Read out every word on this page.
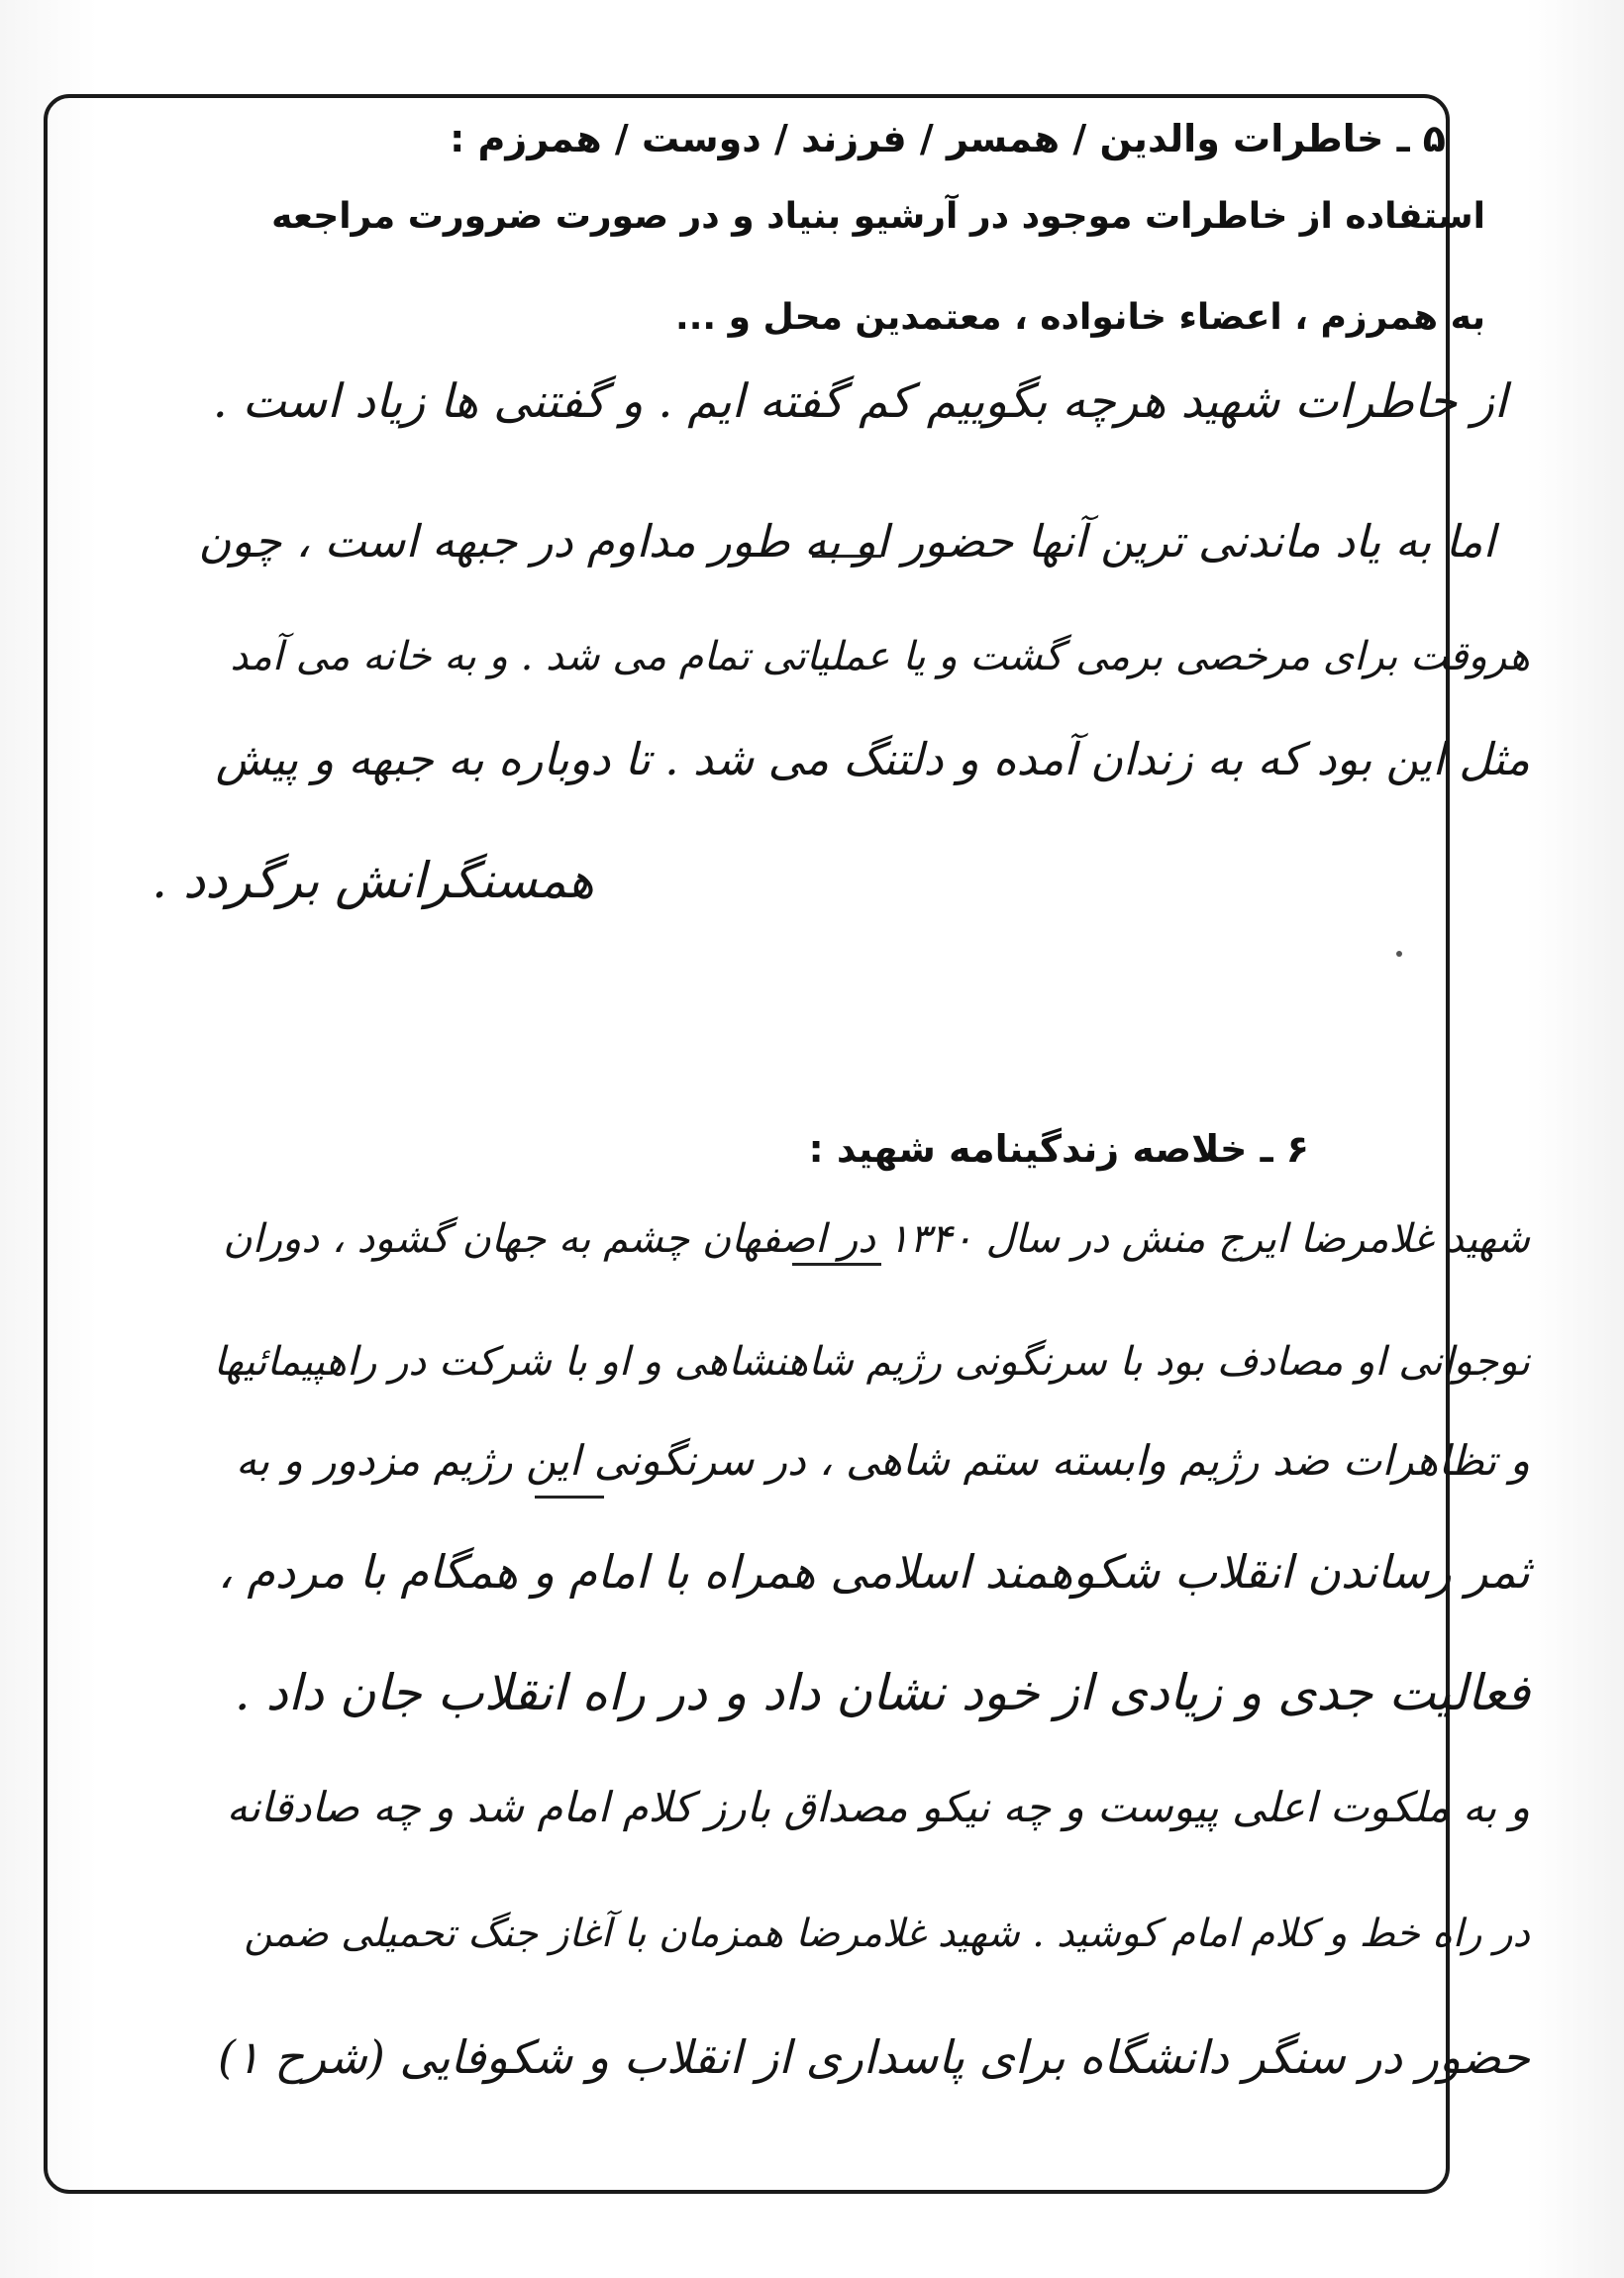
۵ ـ خاطرات والدین / همسر / فرزند / دوست / همرزم :
استفاده از خاطرات موجود در آرشیو بنیاد و در صورت ضرورت مراجعه
به همرزم ، اعضاء خانواده ، معتمدین محل و ...
از خاطرات شهید هرچه بگوییم کم گفته ایم . و گفتنی ها زیاد است .
اما به یاد ماندنی ترین آنها حضور او به طور مداوم در جبهه است ، چون
هروقت برای مرخصی برمی گشت و یا عملیاتی تمام می شد . و به خانه می آمد
مثل این بود که به زندان آمده و دلتنگ می شد . تا دوباره به جبهه و پیش
همسنگرانش برگردد .
۶ ـ خلاصه زندگینامه شهید :
شهید غلامرضا ایرج منش در سال ۱۳۴۰ در اصفهان چشم به جهان گشود ، دوران
نوجوانی او مصادف بود با سرنگونی رژیم شاهنشاهی و او با شرکت در راهپیمائیها
و تظاهرات ضد رژیم وابسته ستم شاهی ، در سرنگونی این رژیم مزدور و به
ثمر رساندن انقلاب شکوهمند اسلامی همراه با امام و همگام با مردم ،
فعالیت جدی و زیادی از خود نشان داد و در راه انقلاب جان داد .
و به ملکوت اعلی پیوست و چه نیکو مصداق بارز کلام امام شد و چه صادقانه
در راه خط و کلام امام کوشید . شهید غلامرضا همزمان با آغاز جنگ تحمیلی ضمن
حضور در سنگر دانشگاه برای پاسداری از انقلاب و شکوفایی (شرح ۱)
